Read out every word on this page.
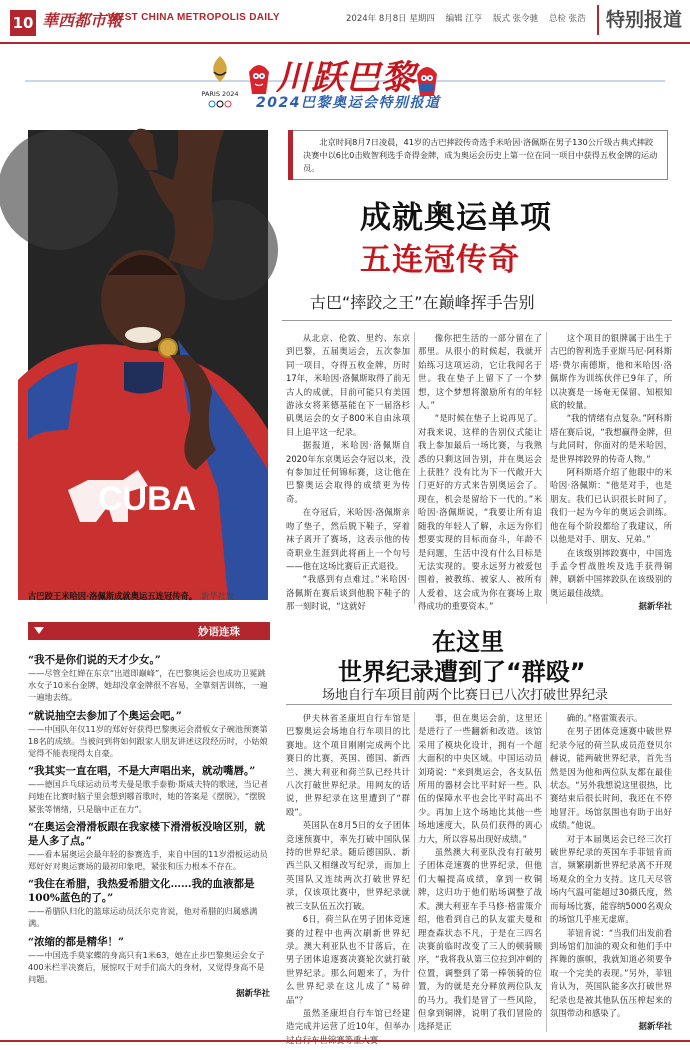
10 華西都市報
WEST CHINA METROPOLIS DAILY	2024年 8月8日 星期四 编辑 江亨 版式 张令驰 总检 张浩	特别报道
PARIS 2024 川跃巴黎
2024巴黎奥运会特别报道
CUBA
古巴跤王米哈因·洛佩斯成就奥运五连冠传奇。 新华社发
北京时间8月7日凌晨，41岁的古巴摔跤传奇选手米哈因·洛佩斯在男子130公斤级古典式摔跤决赛中以6比0击败智利选手奇得金牌，成为奥运会历史上第一位在同一项目中获得五枚金牌的运动员。
成就奥运单项
五连冠传奇
古巴“摔跤之王”在巅峰挥手告别

从北京、伦敦、里约、东京到巴黎，五届奥运会，五次参加同一项目，夺得五枚金牌，历时17年，米哈因·洛佩斯取得了前无古人的成就，目前可能只有美国游泳女将莱德基能在下一届洛杉矶奥运会的女子800米自由泳项目上追平这一纪录。

据报道，米哈因·洛佩斯自2020年东京奥运会夺冠以来，没有参加过任何锦标赛，这让他在巴黎奥运会取得的成绩更为传奇。

在夺冠后，米哈因·洛佩斯亲吻了垫子，然后脱下鞋子，穿着袜子离开了赛场，这表示他的传奇职业生涯到此将画上一个句号——他在这场比赛后正式退役。

“我感到有点难过。”米哈因·洛佩斯在赛后谈到他脱下鞋子的那一刻时说，“这就好

像你把生活的一部分留在了那里。从很小的时候起，我就开始练习这项运动，它让我闻名于世。我在垫子上留下了一个梦想，这个梦想将激励所有的年轻人。”

“是时候在垫子上说再见了。对我来说，这样的告别仪式能让我上参加最后一场比赛，与我熟悉的只剩这回告别，并在奥运会上获胜？没有比为下一代敞开大门更好的方式来告别奥运会了。现在，机会是留给下一代的。”米哈因·洛佩斯说，“我要让所有追随我的年轻人了解，永远为你们想要实现的目标而奋斗，年龄不是问题，生活中没有什么目标是无法实现的。要永远努力被爱包围着，被教练、被家人、被所有人爱着，这会成为你在赛场上取得成功的重要资本。”

这个项目的银牌属于出生于古巴的智利选手亚斯马尼·阿科斯塔·费尔南德斯，他和米哈因·洛佩斯作为训练伙伴已9年了，所以决赛是一场奄无保留、知根知底的较量。

“我的情绪有点复杂。”阿科斯塔在赛后说，“我想赢得金牌，但与此同时，你面对的是米哈因，是世界摔跤界的传奇人物。”

阿科斯塔介绍了他眼中的米哈因·洛佩斯：“他是对手，也是朋友。我们已认识很长时间了，我们一起为今年的奥运会训练。他在每个阶段都给了我建议，所以他是对手、朋友、兄弟。”

在该级别摔跤赛中，中国选手孟令哲战胜埃及选手获得铜牌，刷新中国摔跤队在该级别的奥运最佳战绩。

据新华社
妙语连珠
“我不是你们说的天才少女。”
——尽管全红婵在东京“出道即巅峰”，在巴黎奥运会也成功卫冕跳水女子10米台金牌，她却没拿金牌很不容易，全靠刻苦训练，一遍一遍地去练。
“就说抽空去参加了个奥运会吧。”
——中国队年仅11岁的郑好好获得巴黎奥运会滑板女子碗池预赛第18名的成绩。当被问到将如何跟家人朋友讲述这段经历时，小姑娘觉得不能表现得太自豪。
“我其实一直在唱，不是大声唱出来，就动嘴唇。”
——德国乒乓球运动员考夫曼是歌手泰勒·斯威夫特的歌迷，当记者问她在比赛时脑子里会想到哪首歌时，她的答案是《摆脱》，“摆脱紧张等情绪，只是脑中正在力”。
“在奥运会滑滑板跟在我家楼下滑滑板没啥区别，就是人多了点。”
——看本届奥运会最年轻的参赛选手，来自中国的11岁滑板运动员郑好好对奥运赛场的最初印象吧，紧张和压力根本不存在。
“我住在希腊，我热爱希腊文化……我的血液都是100%蓝色的了。”
——希腊队归化的篮球运动员沃尔克肯说，他对希腊的归属感满满。
“浓缩的都是精华！”
——中国选手莫家蝶的身高只有1米63，她在止步巴黎奥运会女子400米栏半决赛后，展惊叹于对手们高大的身材，又觉得身高不是问题。
据新华社
在这里
世界纪录遭到了“群殴”
场地自行车项目前两个比赛日已八次打破世界纪录

伊夫林省圣康坦自行车馆是巴黎奥运会场地自行车项目的比赛地。这个项目刚刚完成两个比赛日的比赛，英国、德国、新西兰、澳大利亚和荷兰队已经共计八次打破世界纪录。用网友的话说，世界纪录在这里遭到了“群殴”。

英国队在8月5日的女子团体竞速预赛中，率先打破中国队保持的世界纪录。随后德国队、新西兰队又相继改写纪录，而加上英国队又连续两次打破世界纪录，仅该项比赛中，世界纪录就被三支队伍五次打破。

6日，荷兰队在男子团体竞速赛的过程中也两次刷新世界纪录。澳大利亚队也不甘落后，在男子团体追逐赛决赛轮次就打破世界纪录。那么问题来了，为什么世界纪录在这儿成了“易碎品”？

虽然圣康坦自行车馆已经建造完成并运营了近10年，但举办

事，但在奥运会前，这里还是进行了一些翻新和改造。该馆采用了模块化设计，拥有一个超大面积的中央区域。中国运动员刘琦说：“来到奥运会，各支队伍所用的器材会比平时好一些。队伍的保障水平也会比平时高出不少。再加上这个场地比其他一些场地速度大，队员们获得的离心力大，所以容易出现好成绩。”

虽然澳大利亚队没有打破男子团体竞速赛的世界纪录，但他们大幅提高成绩，拿到一枚铜牌，这归功于他们贴场调整了战术。澳大利亚车手马修·格雷策介绍，他看到自己的队友霍夫曼和理查森状态不凡，于是在三四名决赛前临时改变了三人的顿骑顺序，“我将我从第三位拉到冲刺的位置，调整到了第一棒领骑的位置，为的就是充分释放两位队友的马力。我们是冒了一些风险，但拿到铜牌，说明了我们冒险的选择是正

确的。”格雷策表示。

在男子团体竞速赛中破世界纪录今冠的荷兰队成员范登贝尔赫说，能两破世界纪录，首先当然是因为他和两位队友都在最佳状态。“另外我想说这里很热，比赛结束后很长时间，我还在不停地冒汗。场馆氛围也有助于出好成绩。”他说。

对于本届奥运会已经三次打破世界纪录的英国车手菲钮肯而言，频繁刷新世界纪录离不开现场观众的全力支持。这几天尽管场内气温可能超过30摄氏度，然而每场比赛，能容纳5000名观众的场馆几乎座无虚席。

菲钮肯说：“当我们出发前看到场馆们加油的观众和他们手中挥舞的旗帜，我就知道必须要争取一个完美的表现。”另外，菲钮肯认为，英国队能多次打破世界纪录也是被其他队伍压榨起来的氛围带动和感染了。

据新华社
